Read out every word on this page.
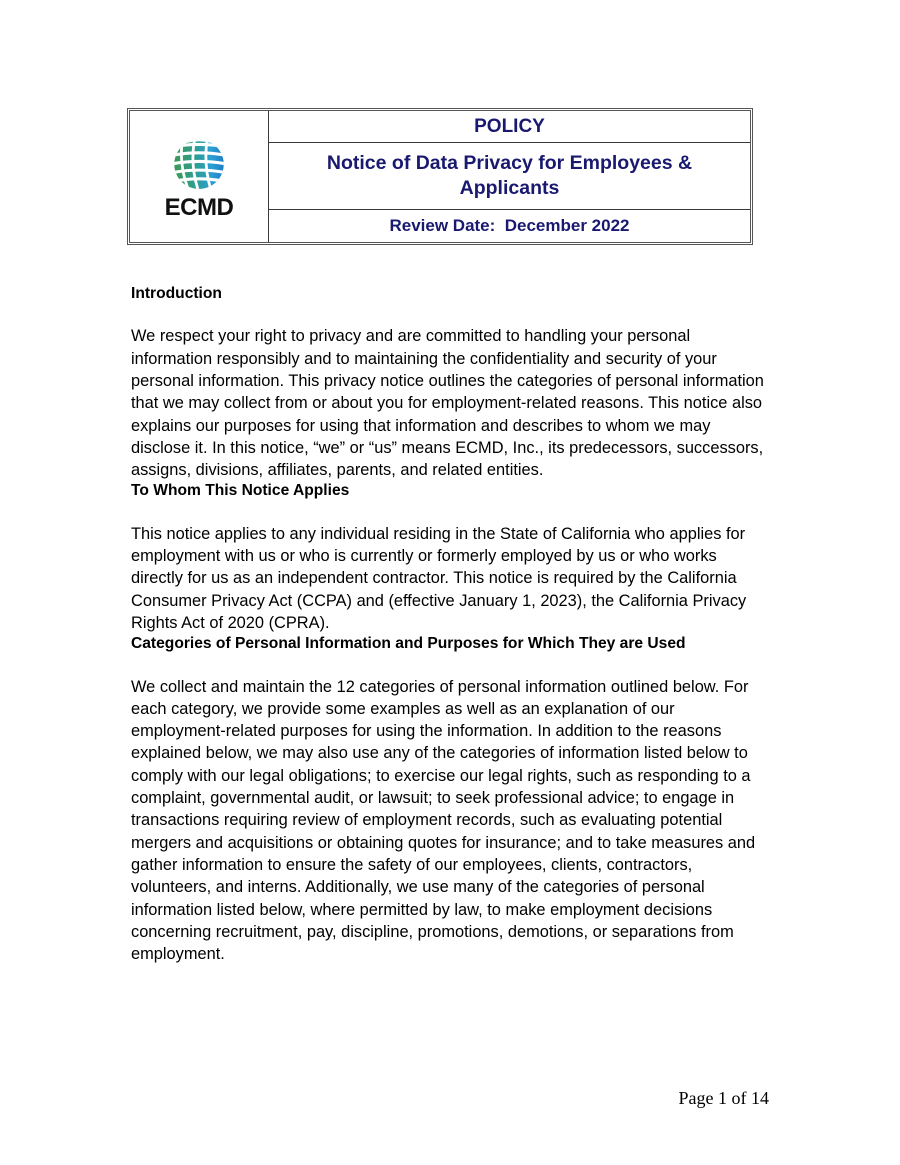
ECMD

POLICY

Notice of Data Privacy for Employees & Applicants

Review Date:  December 2022

Introduction

We respect your right to privacy and are committed to handling your personal information responsibly and to maintaining the confidentiality and security of your personal information. This privacy notice outlines the categories of personal information that we may collect from or about you for employment-related reasons. This notice also explains our purposes for using that information and describes to whom we may disclose it. In this notice, “we” or “us” means ECMD, Inc., its predecessors, successors, assigns, divisions, affiliates, parents, and related entities.

To Whom This Notice Applies

This notice applies to any individual residing in the State of California who applies for employment with us or who is currently or formerly employed by us or who works directly for us as an independent contractor. This notice is required by the California Consumer Privacy Act (CCPA) and (effective January 1, 2023), the California Privacy Rights Act of 2020 (CPRA).

Categories of Personal Information and Purposes for Which They are Used

We collect and maintain the 12 categories of personal information outlined below. For each category, we provide some examples as well as an explanation of our employment-related purposes for using the information. In addition to the reasons explained below, we may also use any of the categories of information listed below to comply with our legal obligations; to exercise our legal rights, such as responding to a complaint, governmental audit, or lawsuit; to seek professional advice; to engage in transactions requiring review of employment records, such as evaluating potential mergers and acquisitions or obtaining quotes for insurance; and to take measures and gather information to ensure the safety of our employees, clients, contractors, volunteers, and interns. Additionally, we use many of the categories of personal information listed below, where permitted by law, to make employment decisions concerning recruitment, pay, discipline, promotions, demotions, or separations from employment.

Page 1 of 14
